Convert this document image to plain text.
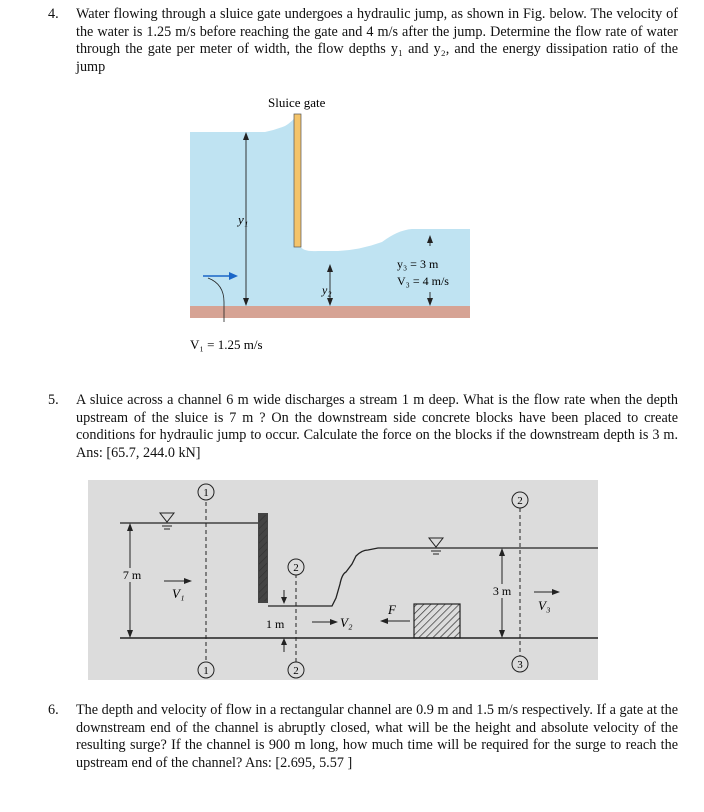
4. Water flowing through a sluice gate undergoes a hydraulic jump, as shown in Fig. below. The velocity of the water is 1.25 m/s before reaching the gate and 4 m/s after the jump. Determine the flow rate of water through the gate per meter of width, the flow depths y₁ and y₂, and the energy dissipation ratio of the jump
Sluice gate
y₁
y₂
y₃ = 3 m
V₃ = 4 m/s
V₁ = 1.25 m/s
5. A sluice across a channel 6 m wide discharges a stream 1 m deep. What is the flow rate when the depth upstream of the sluice is 7 m ? On the downstream side concrete blocks have been placed to create conditions for hydraulic jump to occur. Calculate the force on the blocks if the downstream depth is 3 m. Ans: [65.7, 244.0 kN]
1
1
2
2
2
3
7 m
V₁
1 m	V₂
F
3 m
V₃
6. The depth and velocity of flow in a rectangular channel are 0.9 m and 1.5 m/s respectively. If a gate at the downstream end of the channel is abruptly closed, what will be the height and absolute velocity of the resulting surge? If the channel is 900 m long, how much time will be required for the surge to reach the upstream end of the channel? Ans: [2.695, 5.57 ]
